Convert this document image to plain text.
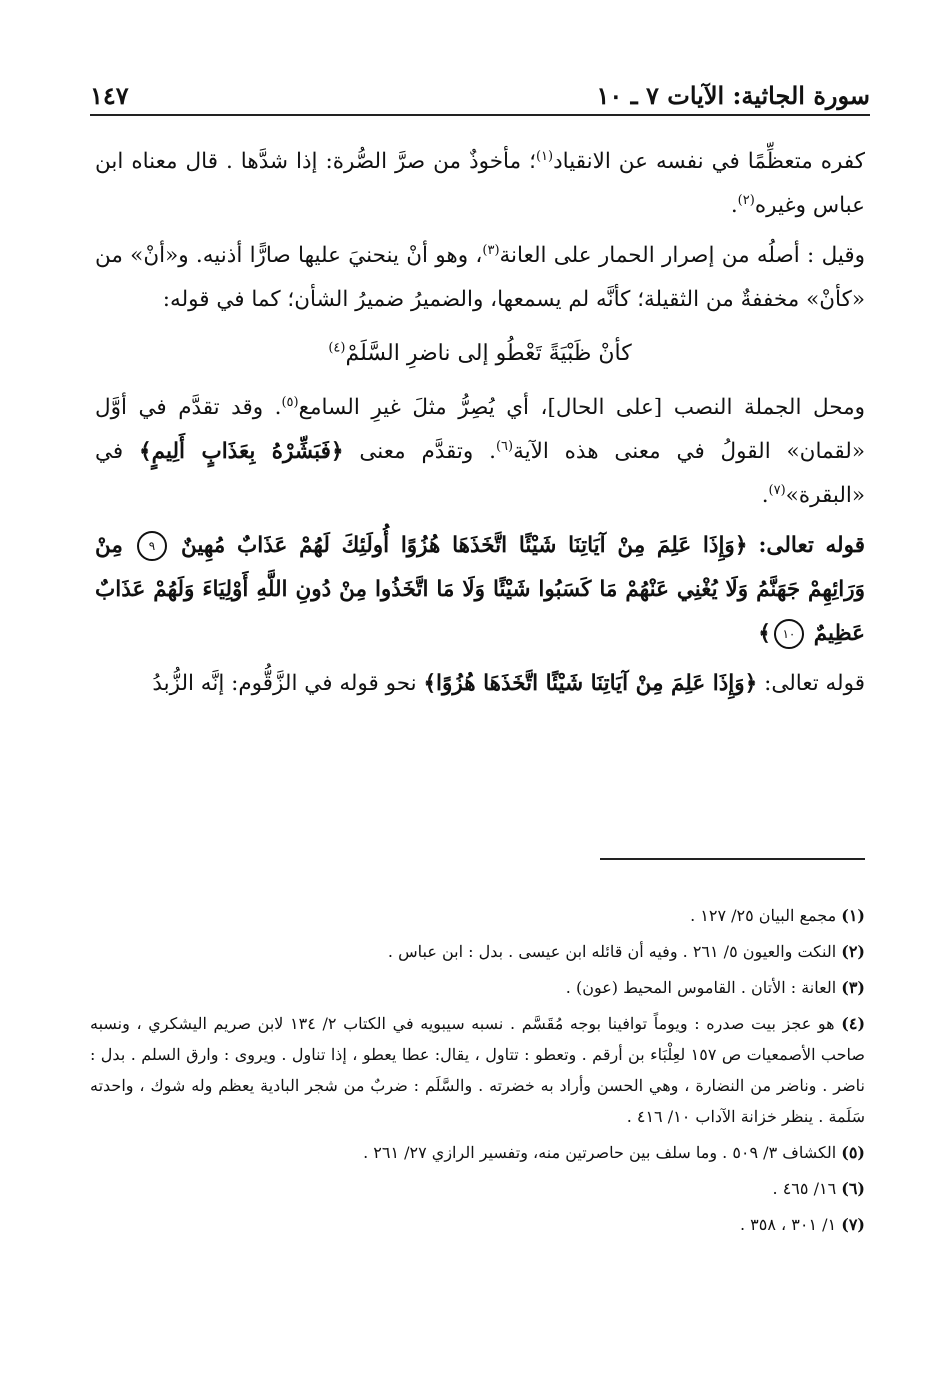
سورة الجاثية: الآيات ٧ ـ ١٠
١٤٧

كفره متعظِّمًا في نفسه عن الانقياد$^{(١)}$؛ مأخوذٌ من صرَّ الصُّرة: إذا شدَّها . قال معناه ابن عباس وغيره$^{(٢)}$.

وقيل : أصلُه من إصرار الحمار على العانة$^{(٣)}$، وهو أنْ ينحنيَ عليها صارًّا أذنيه. و«أنْ» من «كأنْ» مخففةٌ من الثقيلة؛ كأنَّه لم يسمعها، والضميرُ ضميرُ الشأن؛ كما في قوله:

كأنْ ظَبْيَةً تَعْطُو إلى ناضرِ السَّلَمْ$^{(٤)}$

ومحل الجملة النصب [على الحال]، أي يُصِرُّ مثلَ غيرِ السامع$^{(٥)}$. وقد تقدَّم في أوَّل «لقمان» القولُ في معنى هذه الآية$^{(٦)}$. وتقدَّم معنى ﴿فَبَشِّرْهُ بِعَذَابٍ أَلِيمٍ﴾ في «البقرة»$^{(٧)}$.

قوله تعالى: ﴿وَإِذَا عَلِمَ مِنْ آيَاتِنَا شَيْئًا اتَّخَذَهَا هُزُوًا أُولَئِكَ لَهُمْ عَذَابٌ مُهِينٌ ٩ مِنْ وَرَائِهِمْ جَهَنَّمُ وَلَا يُغْنِي عَنْهُمْ مَا كَسَبُوا شَيْئًا وَلَا مَا اتَّخَذُوا مِنْ دُونِ اللَّهِ أَوْلِيَاءَ وَلَهُمْ عَذَابٌ عَظِيمٌ ١٠﴾

قوله تعالى: ﴿وَإِذَا عَلِمَ مِنْ آيَاتِنَا شَيْئًا اتَّخَذَهَا هُزُوًا﴾ نحو قوله في الزَّقُّوم: إنَّه الزُّبدُ

(١) مجمع البيان ٢٥/ ١٢٧ .
(٢) النكت والعيون ٥/ ٢٦١ . وفيه أن قائله ابن عيسى . بدل : ابن عباس .
(٣) العانة : الأتان . القاموس المحيط (عون) .
(٤) هو عجز بيت صدره : ويوماً توافينا بوجه مُقَسَّم . نسبه سيبويه في الكتاب ٢/ ١٣٤ لابن صريم اليشكري ، ونسبه صاحب الأصمعيات ص ١٥٧ لعِلْبَاء بن أرقم . وتعطو : تتاول ، يقال: عطا يعطو ، إذا تناول . ويروى : وارق السلم . بدل : ناضر . وناضر من النضارة ، وهي الحسن وأراد به خضرته . والسَّلَم : ضربٌ من شجر البادية يعظم وله شوك ، واحدته سَلَمة . ينظر خزانة الآداب ١٠/ ٤١٦ .
(٥) الكشاف ٣/ ٥٠٩ . وما سلف بين حاصرتين منه، وتفسير الرازي ٢٧/ ٢٦١ .
(٦) ١٦/ ٤٦٥ .
(٧) ١/ ٣٠١ ، ٣٥٨ .
